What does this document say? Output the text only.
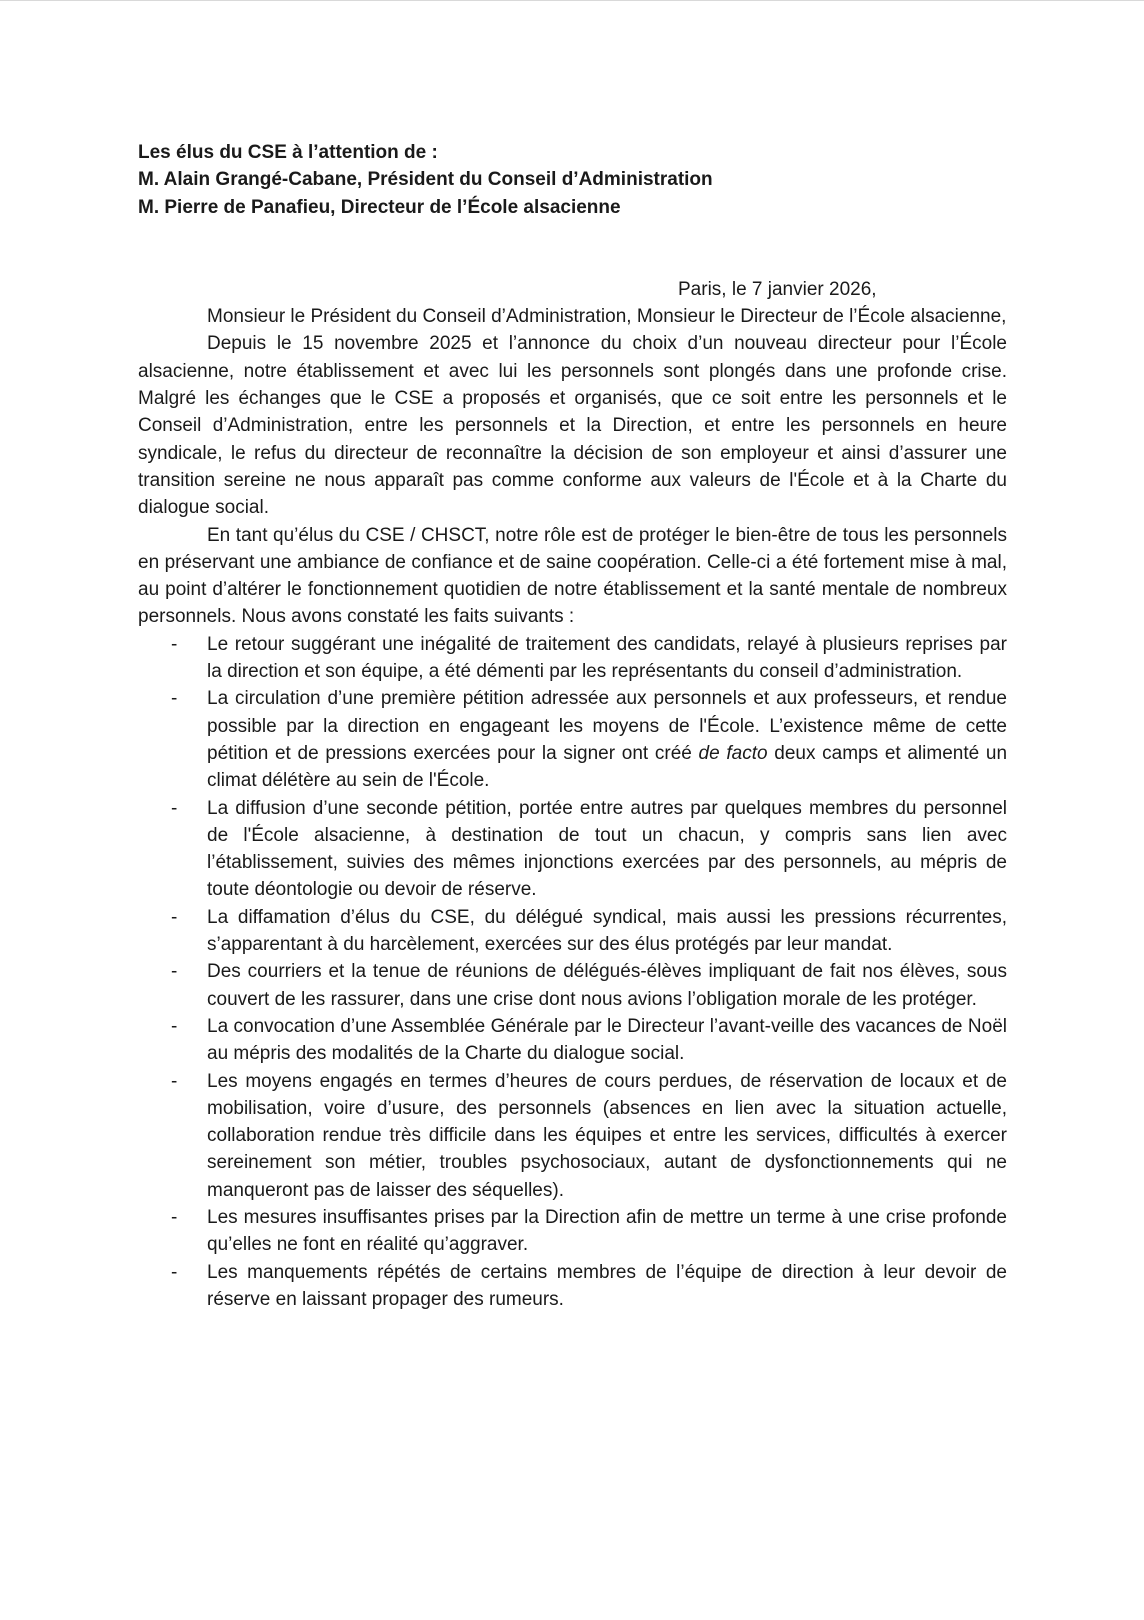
Les élus du CSE à l’attention de :
M. Alain Grangé-Cabane, Président du Conseil d’Administration
M. Pierre de Panafieu, Directeur de l’École alsacienne
Paris, le 7 janvier 2026,

Monsieur le Président du Conseil d’Administration, Monsieur le Directeur de l’École alsacienne,

Depuis le 15 novembre 2025 et l’annonce du choix d’un nouveau directeur pour l’École alsacienne, notre établissement et avec lui les personnels sont plongés dans une profonde crise. Malgré les échanges que le CSE a proposés et organisés, que ce soit entre les personnels et le Conseil d’Administration, entre les personnels et la Direction, et entre les personnels en heure syndicale, le refus du directeur de reconnaître la décision de son employeur et ainsi d’assurer une transition sereine ne nous apparaît pas comme conforme aux valeurs de l'École et à la Charte du dialogue social.

En tant qu’élus du CSE / CHSCT, notre rôle est de protéger le bien-être de tous les personnels en préservant une ambiance de confiance et de saine coopération. Celle-ci a été fortement mise à mal, au point d’altérer le fonctionnement quotidien de notre établissement et la santé mentale de nombreux personnels. Nous avons constaté les faits suivants :

- Le retour suggérant une inégalité de traitement des candidats, relayé à plusieurs reprises par la direction et son équipe, a été démenti par les représentants du conseil d’administration.
- La circulation d’une première pétition adressée aux personnels et aux professeurs, et rendue possible par la direction en engageant les moyens de l'École. L’existence même de cette pétition et de pressions exercées pour la signer ont créé de facto deux camps et alimenté un climat délétère au sein de l'École.
- La diffusion d’une seconde pétition, portée entre autres par quelques membres du personnel de l'École alsacienne, à destination de tout un chacun, y compris sans lien avec l’établissement, suivies des mêmes injonctions exercées par des personnels, au mépris de toute déontologie ou devoir de réserve.
- La diffamation d’élus du CSE, du délégué syndical, mais aussi les pressions récurrentes, s’apparentant à du harcèlement, exercées sur des élus protégés par leur mandat.
- Des courriers et la tenue de réunions de délégués-élèves impliquant de fait nos élèves, sous couvert de les rassurer, dans une crise dont nous avions l’obligation morale de les protéger.
- La convocation d’une Assemblée Générale par le Directeur l’avant-veille des vacances de Noël au mépris des modalités de la Charte du dialogue social.
- Les moyens engagés en termes d’heures de cours perdues, de réservation de locaux et de mobilisation, voire d’usure, des personnels (absences en lien avec la situation actuelle, collaboration rendue très difficile dans les équipes et entre les services, difficultés à exercer sereinement son métier, troubles psychosociaux, autant de dysfonctionnements qui ne manqueront pas de laisser des séquelles).
- Les mesures insuffisantes prises par la Direction afin de mettre un terme à une crise profonde qu’elles ne font en réalité qu’aggraver.
- Les manquements répétés de certains membres de l’équipe de direction à leur devoir de réserve en laissant propager des rumeurs.
